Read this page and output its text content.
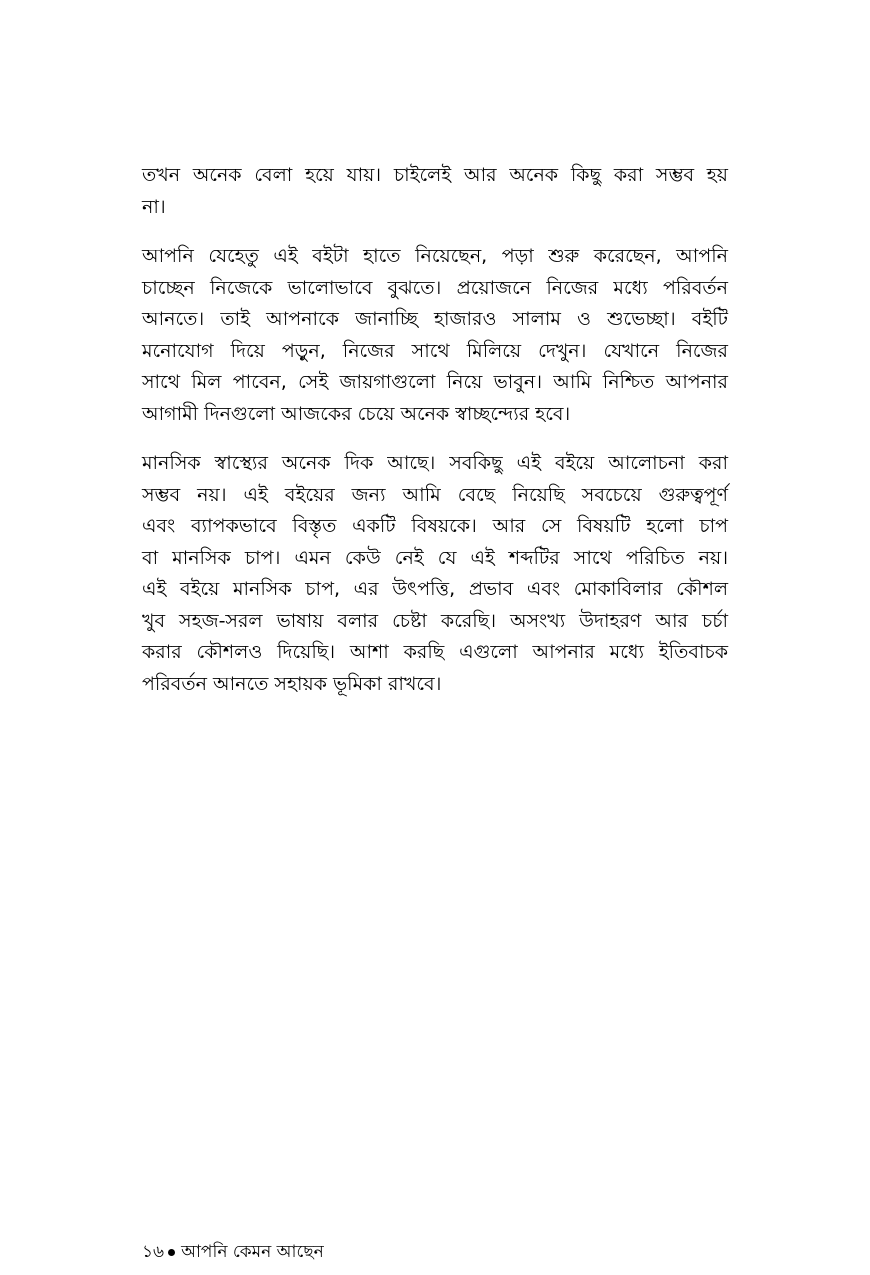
তখন অনেক বেলা হয়ে যায়। চাইলেই আর অনেক কিছু করা সম্ভব হয়
না।

আপনি যেহেতু এই বইটা হাতে নিয়েছেন, পড়া শুরু করেছেন, আপনি
চাচ্ছেন নিজেকে ভালোভাবে বুঝতে। প্রয়োজনে নিজের মধ্যে পরিবর্তন
আনতে। তাই আপনাকে জানাচ্ছি হাজারও সালাম ও শুভেচ্ছা। বইটি
মনোযোগ দিয়ে পড়ুন, নিজের সাথে মিলিয়ে দেখুন। যেখানে নিজের
সাথে মিল পাবেন, সেই জায়গাগুলো নিয়ে ভাবুন। আমি নিশ্চিত আপনার
আগামী দিনগুলো আজকের চেয়ে অনেক স্বাচ্ছন্দ্যের হবে।

মানসিক স্বাস্থ্যের অনেক দিক আছে। সবকিছু এই বইয়ে আলোচনা করা
সম্ভব নয়। এই বইয়ের জন্য আমি বেছে নিয়েছি সবচেয়ে গুরুত্বপূর্ণ
এবং ব্যাপকভাবে বিস্তৃত একটি বিষয়কে। আর সে বিষয়টি হলো চাপ
বা মানসিক চাপ। এমন কেউ নেই যে এই শব্দটির সাথে পরিচিত নয়।
এই বইয়ে মানসিক চাপ, এর উৎপত্তি, প্রভাব এবং মোকাবিলার কৌশল
খুব সহজ-সরল ভাষায় বলার চেষ্টা করেছি। অসংখ্য উদাহরণ আর চর্চা
করার কৌশলও দিয়েছি। আশা করছি এগুলো আপনার মধ্যে ইতিবাচক
পরিবর্তন আনতে সহায়ক ভূমিকা রাখবে।

১৬ আপনি কেমন আছেন
